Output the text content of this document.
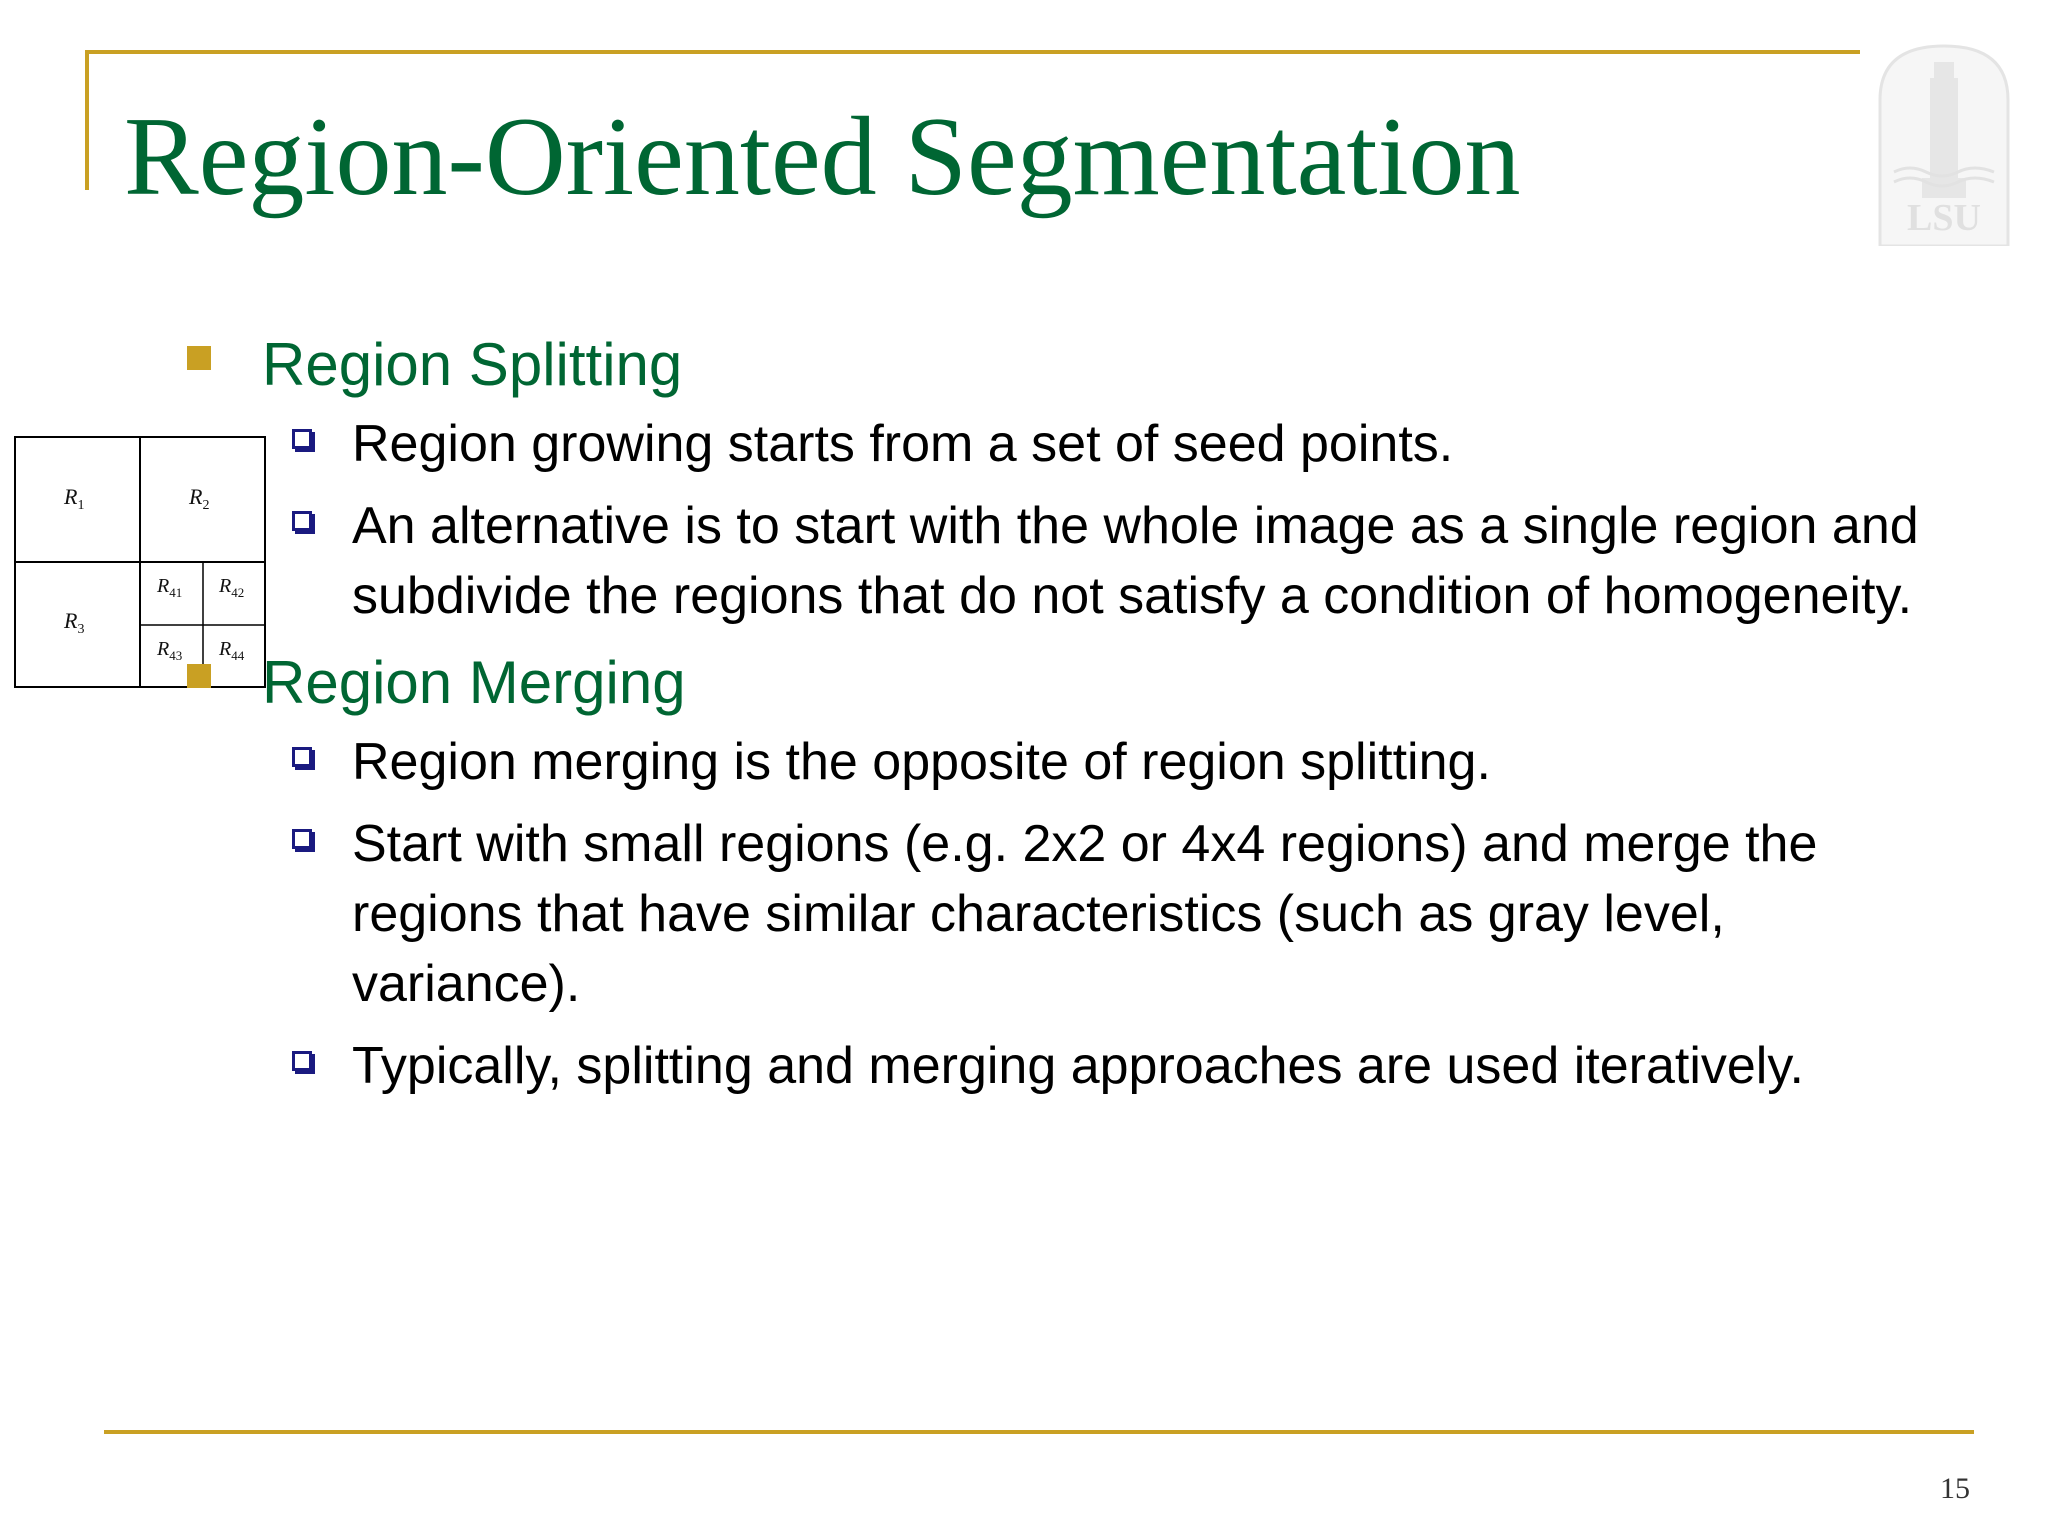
Region-Oriented Segmentation	LSU
$R_1$	$R_2$
$R_3$
$R_{41}$ $R_{42}$
$R_{43}$ $R_{44}$

Region Splitting

Region growing starts from a set of seed points.
An alternative is to start with the whole image as a single region and subdivide the regions that do not satisfy a condition of homogeneity.

Region Merging

Region merging is the opposite of region splitting.
Start with small regions (e.g. 2x2 or 4x4 regions) and merge the regions that have similar characteristics (such as gray level, variance).
Typically, splitting and merging approaches are used iteratively.
15
